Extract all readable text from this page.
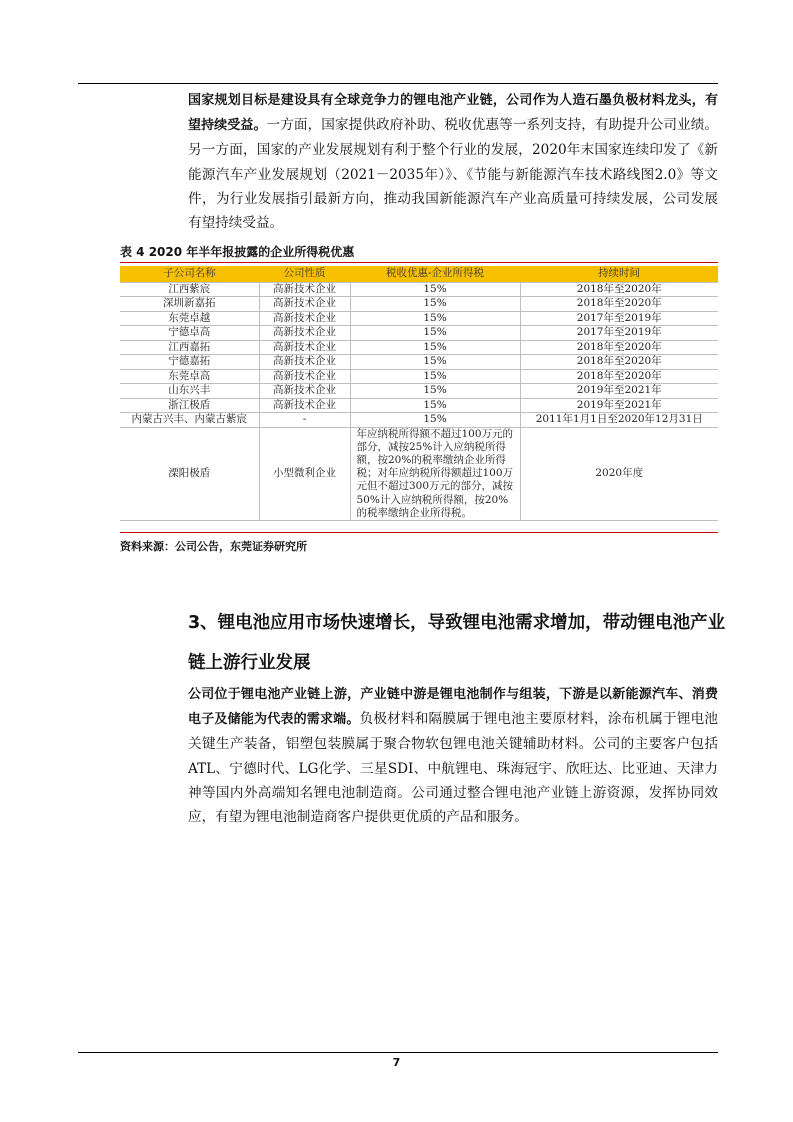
国家规划目标是建设具有全球竞争力的锂电池产业链，公司作为人造石墨负极材料龙头，有望持续受益。一方面，国家提供政府补助、税收优惠等一系列支持，有助提升公司业绩。另一方面，国家的产业发展规划有利于整个行业的发展，2020年末国家连续印发了《新能源汽车产业发展规划（2021－2035年）》、《节能与新能源汽车技术路线图2.0》等文件，为行业发展指引最新方向，推动我国新能源汽车产业高质量可持续发展，公司发展有望持续受益。

表 4 2020 年半年报披露的企业所得税优惠
子公司名称	公司性质	税收优惠-企业所得税	持续时间
江西紫宸	高新技术企业	15%	2018年至2020年
深圳新嘉拓	高新技术企业	15%	2018年至2020年
东莞卓越	高新技术企业	15%	2017年至2019年
宁德卓高	高新技术企业	15%	2017年至2019年
江西嘉拓	高新技术企业	15%	2018年至2020年
宁德嘉拓	高新技术企业	15%	2018年至2020年
东莞卓高	高新技术企业	15%	2018年至2020年
山东兴丰	高新技术企业	15%	2019年至2021年
浙江极盾	高新技术企业	15%	2019年至2021年
内蒙古兴丰、内蒙古紫宸	-	15%	2011年1月1日至2020年12月31日
溧阳极盾	小型微利企业	年应纳税所得额不超过100万元的部分，减按25%计入应纳税所得额，按20%的税率缴纳企业所得税；对年应纳税所得额超过100万元但不超过300万元的部分，减按50%计入应纳税所得额，按20%的税率缴纳企业所得税。	2020年度
资料来源：公司公告，东莞证券研究所
3、锂电池应用市场快速增长，导致锂电池需求增加，带动锂电池产业链上游行业发展

公司位于锂电池产业链上游，产业链中游是锂电池制作与组装，下游是以新能源汽车、消费电子及储能为代表的需求端。负极材料和隔膜属于锂电池主要原材料，涂布机属于锂电池关键生产装备，铝塑包装膜属于聚合物软包锂电池关键辅助材料。公司的主要客户包括ATL、宁德时代、LG化学、三星SDI、中航锂电、珠海冠宇、欣旺达、比亚迪、天津力神等国内外高端知名锂电池制造商。公司通过整合锂电池产业链上游资源，发挥协同效应，有望为锂电池制造商客户提供更优质的产品和服务。

7
